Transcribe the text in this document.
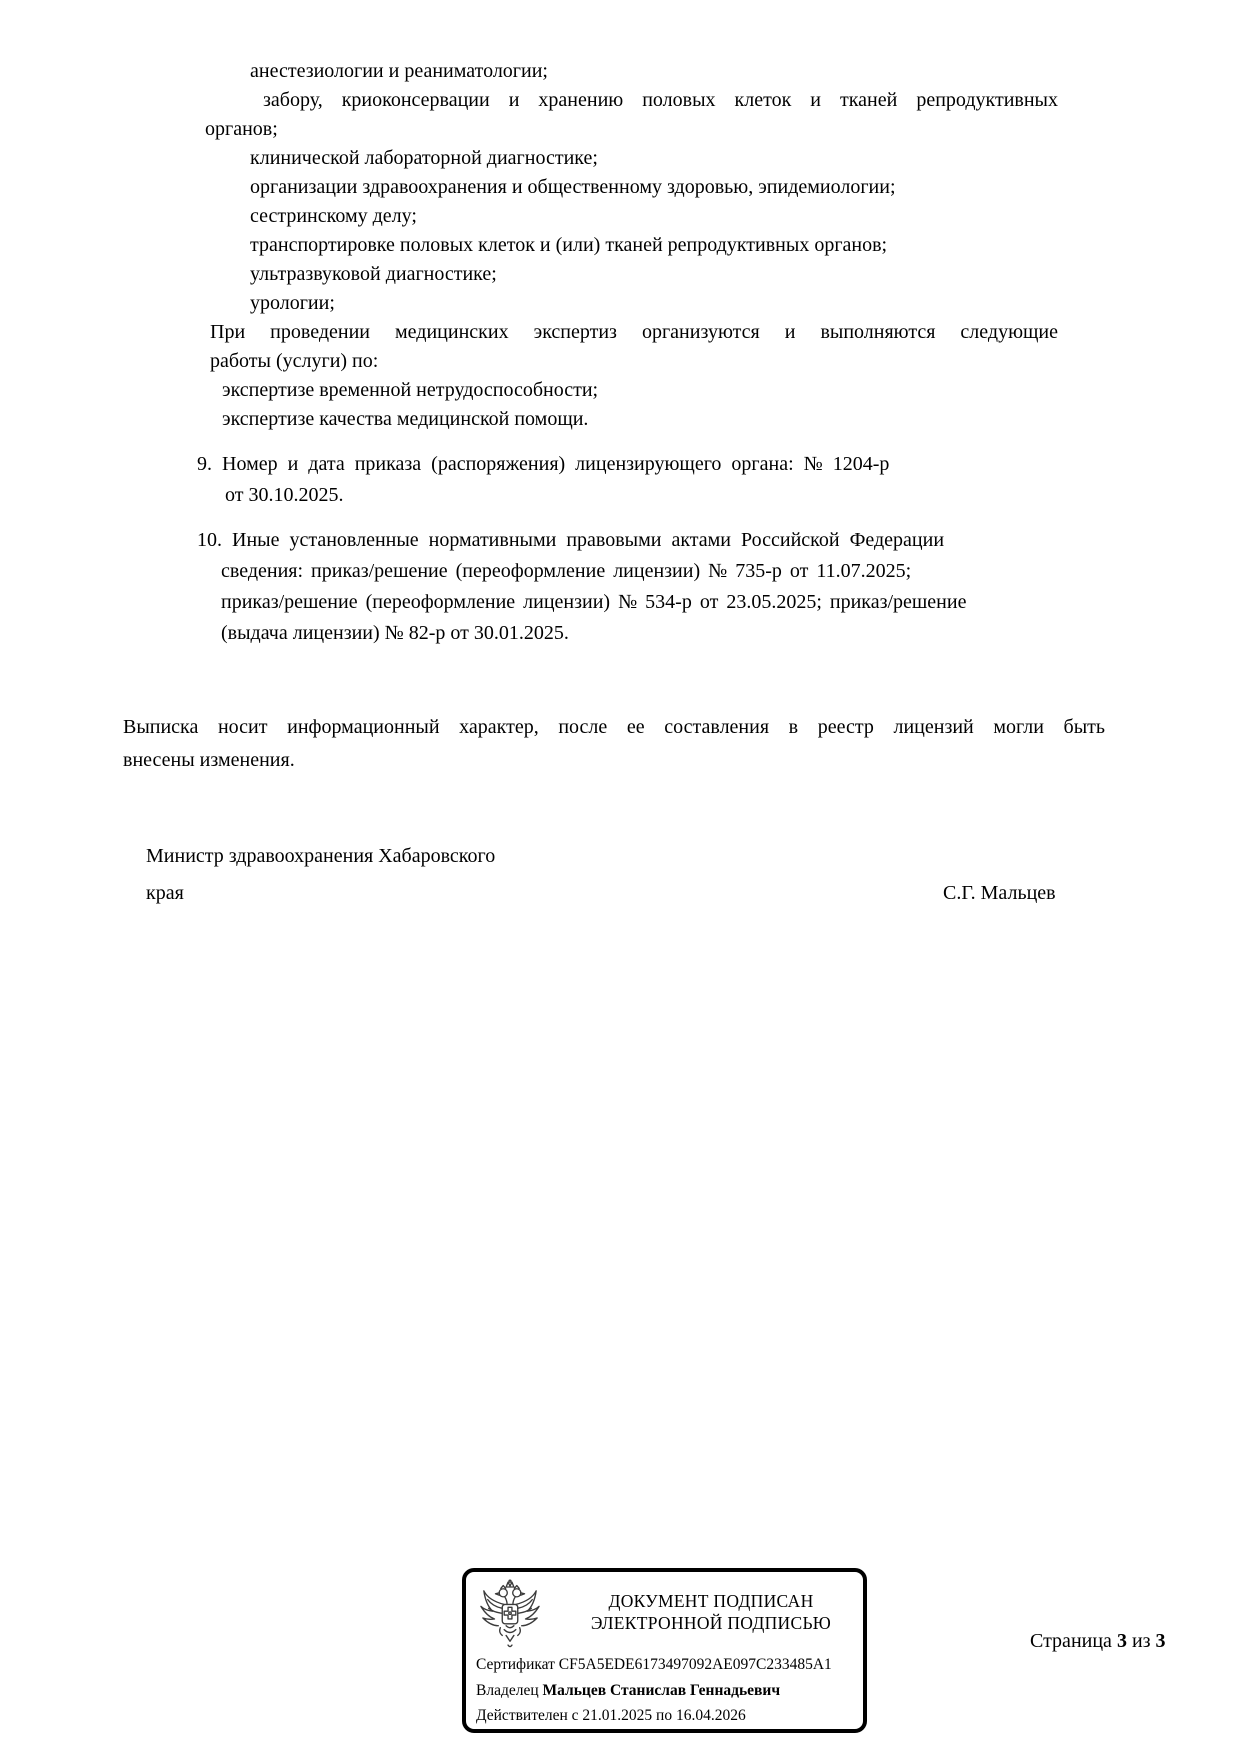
анестезиологии и реаниматологии;
забору, криоконсервации и хранению половых клеток и тканей репродуктивных
органов;
клинической лабораторной диагностике;
организации здравоохранения и общественному здоровью, эпидемиологии;
сестринскому делу;
транспортировке половых клеток и (или) тканей репродуктивных органов;
ультразвуковой диагностике;
урологии;
При проведении медицинских экспертиз организуются и выполняются следующие
работы (услуги) по:
экспертизе временной нетрудоспособности;
экспертизе качества медицинской помощи.
9. Номер и дата приказа (распоряжения) лицензирующего органа: № 1204-р
от 30.10.2025.
10. Иные установленные нормативными правовыми актами Российской Федерации
сведения: приказ/решение (переоформление лицензии) № 735-р от 11.07.2025;
приказ/решение (переоформление лицензии) № 534-р от 23.05.2025; приказ/решение
(выдача лицензии) № 82-р от 30.01.2025.
Выписка носит информационный характер, после ее составления в реестр лицензий могли быть
внесены изменения.
Министр здравоохранения Хабаровского
края	С.Г. Мальцев
ДОКУМЕНТ ПОДПИСАН
ЭЛЕКТРОННОЙ ПОДПИСЬЮ
Сертификат CF5A5EDE6173497092AE097C233485A1
Владелец Мальцев Станислав Геннадьевич
Действителен с 21.01.2025 по 16.04.2026
Страница 3 из 3
